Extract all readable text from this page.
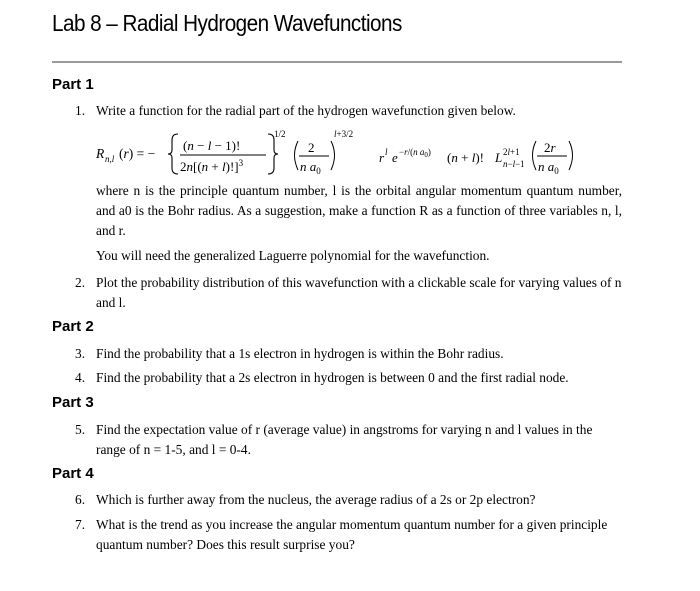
Lab 8 – Radial Hydrogen Wavefunctions
Part 1
1. Write a function for the radial part of the hydrogen wavefunction given below.
R n,l (r) = −
(n − l − 1)!
$2n[(n + l)!]^3$
1/2
2
n $a_0$
l+3/2
r l e −r/(n $a_0$) (n + l)! L 2l+1
n−l−1
2r
n $a_0$
where n is the principle quantum number, l is the orbital angular momentum quantum number, and a0 is the Bohr radius. As a suggestion, make a function R as a function of three variables n, l, and r.
You will need the generalized Laguerre polynomial for the wavefunction.
2. Plot the probability distribution of this wavefunction with a clickable scale for varying values of n and l.
Part 2
3. Find the probability that a 1s electron in hydrogen is within the Bohr radius.
4. Find the probability that a 2s electron in hydrogen is between 0 and the first radial node.
Part 3
5. Find the expectation value of r (average value) in angstroms for varying n and l values in the range of n = 1-5, and l = 0-4.
Part 4
6. Which is further away from the nucleus, the average radius of a 2s or 2p electron?
7. What is the trend as you increase the angular momentum quantum number for a given principle quantum number? Does this result surprise you?
